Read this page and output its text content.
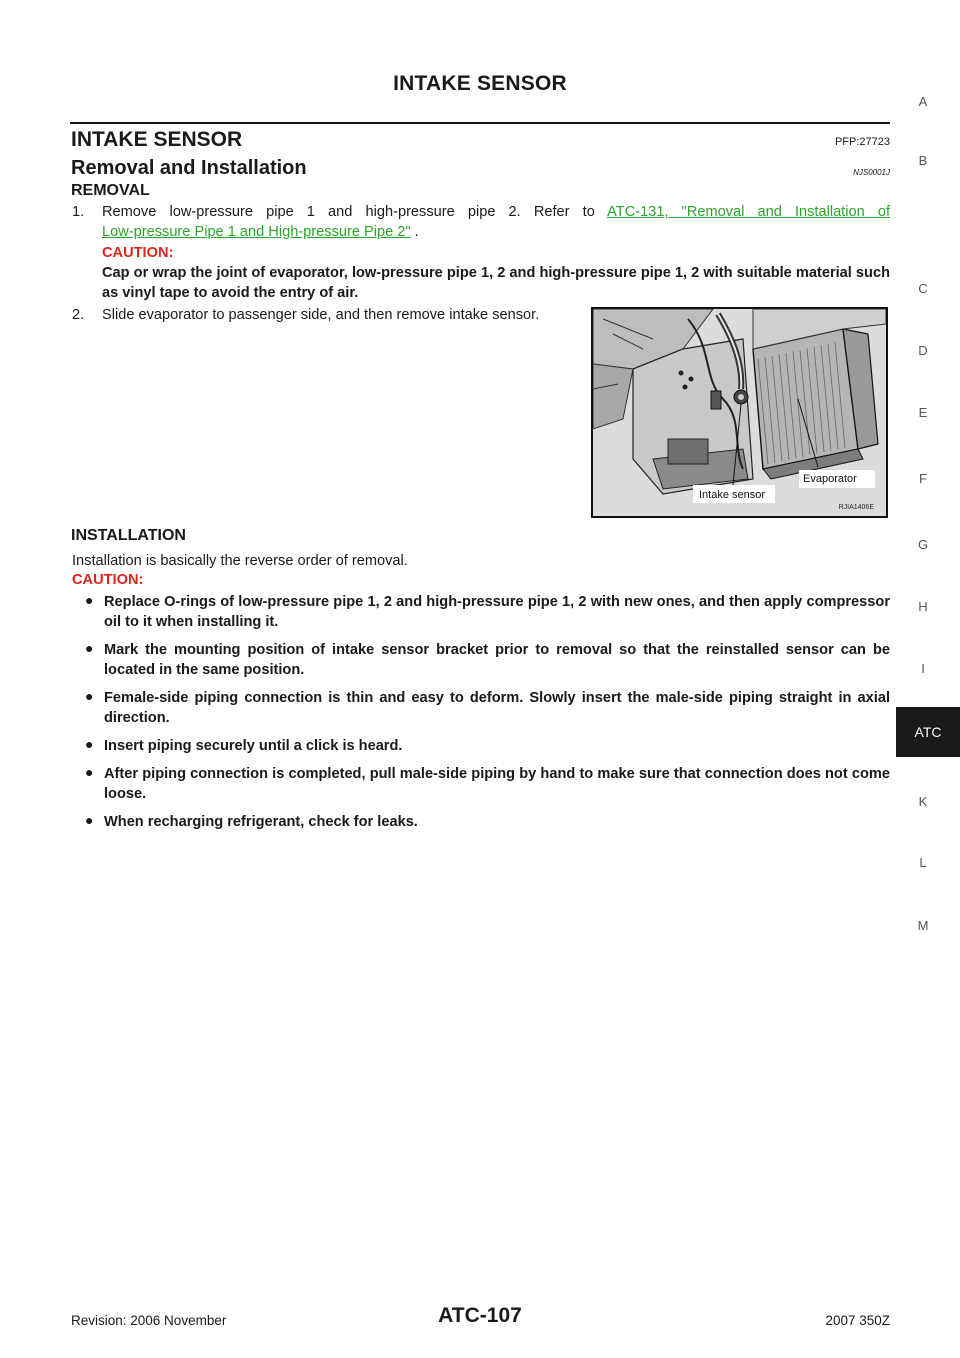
INTAKE SENSOR
INTAKE SENSOR	PFP:27723
Removal and Installation	NJS0001J
REMOVAL
1. Remove low-pressure pipe 1 and high-pressure pipe 2. Refer to ATC-131, "Removal and Installation of
Low-pressure Pipe 1 and High-pressure Pipe 2" .
CAUTION:
Cap or wrap the joint of evaporator, low-pressure pipe 1, 2 and high-pressure pipe 1, 2 with suitable material such as vinyl tape to avoid the entry of air.
2. Slide evaporator to passenger side, and then remove intake sensor.
Intake sensor
Evaporator
RJIA1406E
INSTALLATION
Installation is basically the reverse order of removal.
CAUTION:
● Replace O-rings of low-pressure pipe 1, 2 and high-pressure pipe 1, 2 with new ones, and then apply compressor oil to it when installing it.
● Mark the mounting position of intake sensor bracket prior to removal so that the reinstalled sensor can be located in the same position.
● Female-side piping connection is thin and easy to deform. Slowly insert the male-side piping straight in axial direction.
● Insert piping securely until a click is heard.
● After piping connection is completed, pull male-side piping by hand to make sure that connection does not come loose.
● When recharging refrigerant, check for leaks.
A
B
C
D
E
F
G
H
I
ATC
K
L
M
Revision: 2006 November	ATC-107	2007 350Z
